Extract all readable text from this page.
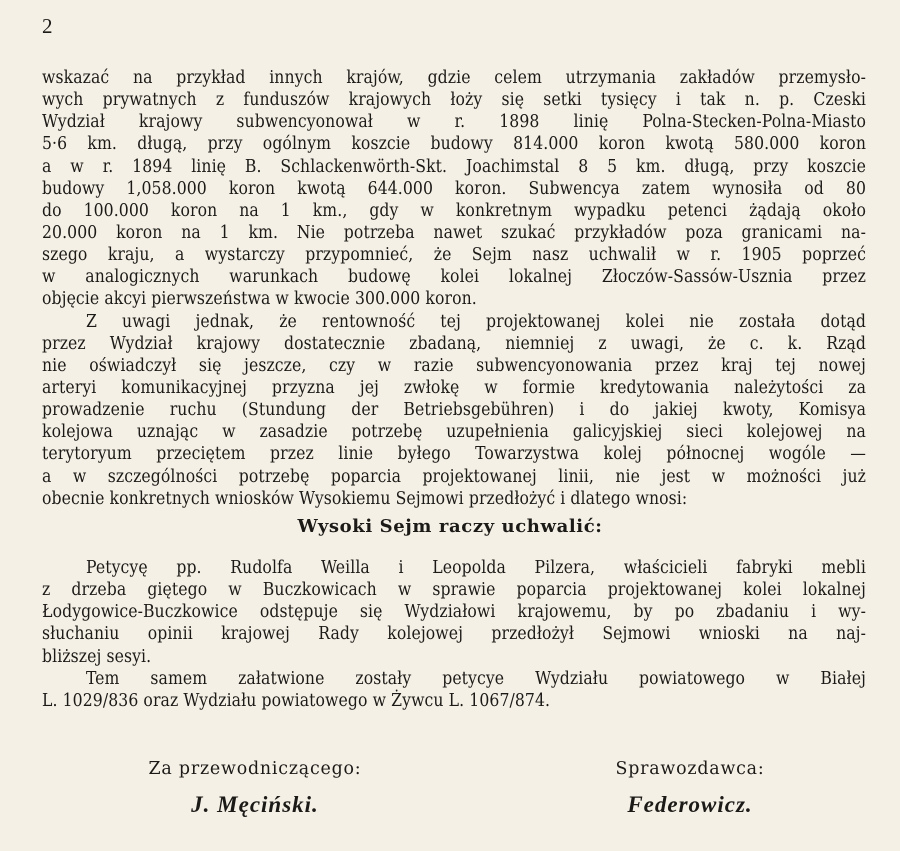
2
wskazać na przykład innych krajów, gdzie celem utrzymania zakładów przemysło-
wych prywatnych z funduszów krajowych łoży się setki tysięcy i tak n. p. Czeski
Wydział krajowy subwencyonował w r. 1898 linię Polna-Stecken-Polna-Miasto
5·6 km. długą, przy ogólnym koszcie budowy 814.000 koron kwotą 580.000 koron
a w r. 1894 linię B. Schlackenwörth-Skt. Joachimstal 8 5 km. długą, przy koszcie
budowy 1,058.000 koron kwotą 644.000 koron. Subwencya zatem wynosiła od 80
do 100.000 koron na 1 km., gdy w konkretnym wypadku petenci żądają około
20.000 koron na 1 km. Nie potrzeba nawet szukać przykładów poza granicami na-
szego kraju, a wystarczy przypomnieć, że Sejm nasz uchwalił w r. 1905 poprzeć
w analogicznych warunkach budowę kolei lokalnej Złoczów-Sassów-Usznia przez
objęcie akcyi pierwszeństwa w kwocie 300.000 koron.
Z uwagi jednak, że rentowność tej projektowanej kolei nie została dotąd
przez Wydział krajowy dostatecznie zbadaną, niemniej z uwagi, że c. k. Rząd
nie oświadczył się jeszcze, czy w razie subwencyonowania przez kraj tej nowej
arteryi komunikacyjnej przyzna jej zwłokę w formie kredytowania należytości za
prowadzenie ruchu (Stundung der Betriebsgebühren) i do jakiej kwoty, Komisya
kolejowa uznając w zasadzie potrzebę uzupełnienia galicyjskiej sieci kolejowej na
terytoryum przeciętem przez linie byłego Towarzystwa kolej północnej wogóle —
a w szczególności potrzebę poparcia projektowanej linii, nie jest w możności już
obecnie konkretnych wniosków Wysokiemu Sejmowi przedłożyć i dlatego wnosi:
Wysoki Sejm raczy uchwalić:
Petycyę pp. Rudolfa Weilla i Leopolda Pilzera, właścicieli fabryki mebli
z drzeba giętego w Buczkowicach w sprawie poparcia projektowanej kolei lokalnej
Łodygowice-Buczkowice odstępuje się Wydziałowi krajowemu, by po zbadaniu i wy-
słuchaniu opinii krajowej Rady kolejowej przedłożył Sejmowi wnioski na naj-
bliższej sesyi.
Tem samem załatwione zostały petycye Wydziału powiatowego w Białej
L. 1029/836 oraz Wydziału powiatowego w Żywcu L. 1067/874.
Za przewodniczącego:
J. Męciński.
Sprawozdawca:
Federowicz.
